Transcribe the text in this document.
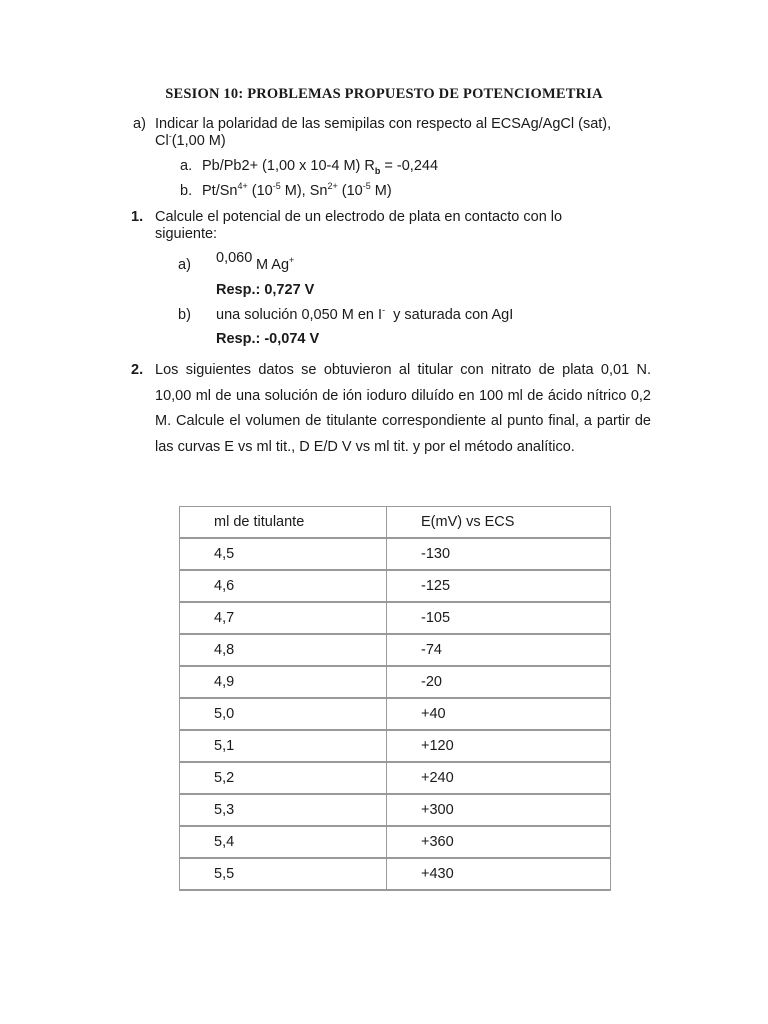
SESION 10: PROBLEMAS PROPUESTO DE POTENCIOMETRIA
a) Indicar la polaridad de las semipilas con respecto al ECSAg/AgCl (sat),
Cl-(1,00 M)
a. Pb/Pb2+ (1,00 x 10-4 M) $R_b = -0,244$
b. $Pt/Sn^{4+}$ ($10^{-5}$ M), $Sn^{2+}$ ($10^{-5}$ M)
1. Calcule el potencial de un electrodo de plata en contacto con lo
siguiente:
a) 0,060 M Ag+
Resp.: 0,727 V
b) una solución 0,050 M en I-  y saturada con AgI
Resp.: -0,074 V
2. Los siguientes datos se obtuvieron al titular con nitrato de plata 0,01 N. 10,00 ml de una solución de ión ioduro diluído en 100 ml de ácido nítrico 0,2 M. Calcule el volumen de titulante correspondiente al punto final, a partir de las curvas E vs ml tit., D E/D V vs ml tit. y por el método analítico.
ml de titulante	E(mV) vs ECS
4,5	-130
4,6	-125
4,7	-105
4,8	-74
4,9	-20
5,0	+40
5,1	+120
5,2	+240
5,3	+300
5,4	+360
5,5	+430
